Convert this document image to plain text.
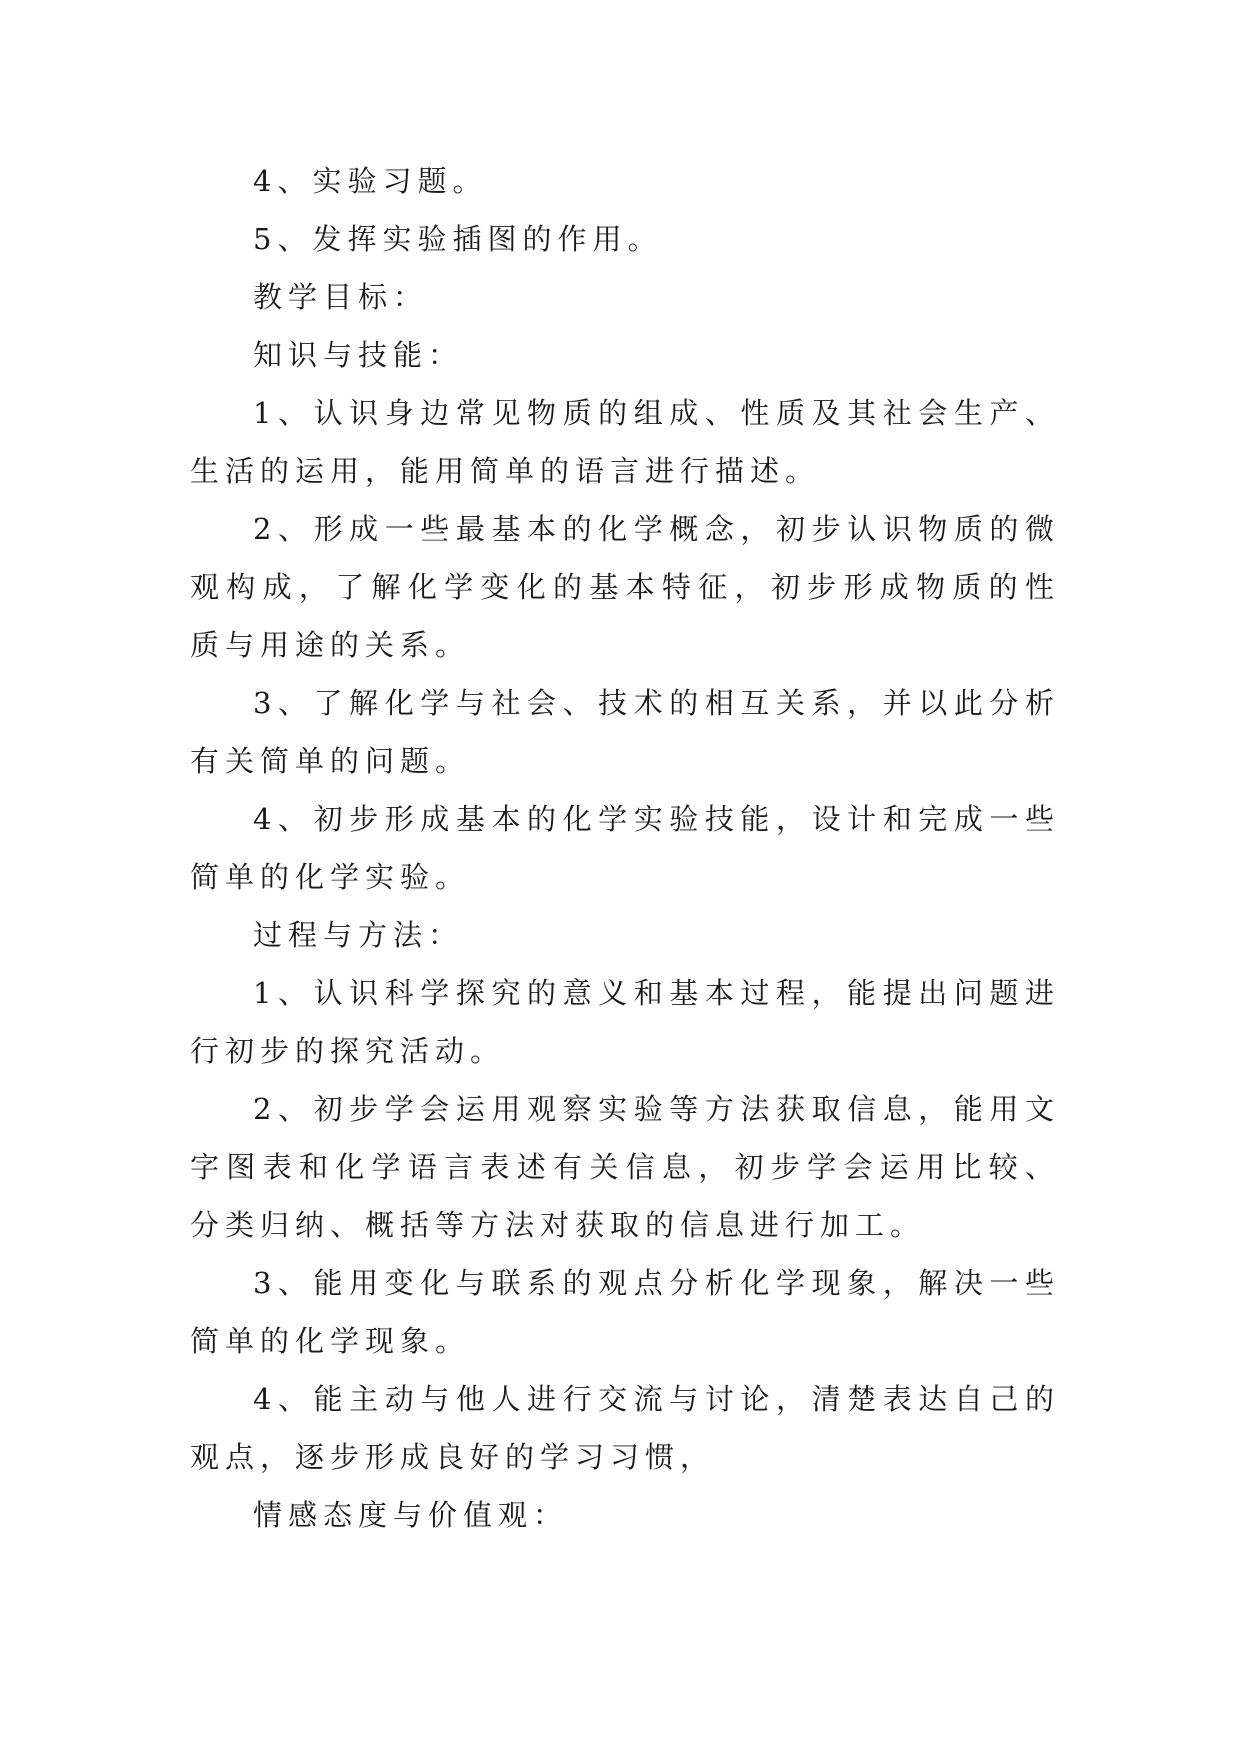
4、实验习题。

5、发挥实验插图的作用。

教学目标：

知识与技能：

1、认识身边常见物质的组成、性质及其社会生产、生活的运用，能用简单的语言进行描述。

2、形成一些最基本的化学概念，初步认识物质的微观构成，了解化学变化的基本特征，初步形成物质的性质与用途的关系。

3、了解化学与社会、技术的相互关系，并以此分析有关简单的问题。

4、初步形成基本的化学实验技能，设计和完成一些简单的化学实验。

过程与方法：

1、认识科学探究的意义和基本过程，能提出问题进行初步的探究活动。

2、初步学会运用观察实验等方法获取信息，能用文字图表和化学语言表述有关信息，初步学会运用比较、分类归纳、概括等方法对获取的信息进行加工。

3、能用变化与联系的观点分析化学现象，解决一些简单的化学现象。

4、能主动与他人进行交流与讨论，清楚表达自己的观点，逐步形成良好的学习习惯，

情感态度与价值观：
